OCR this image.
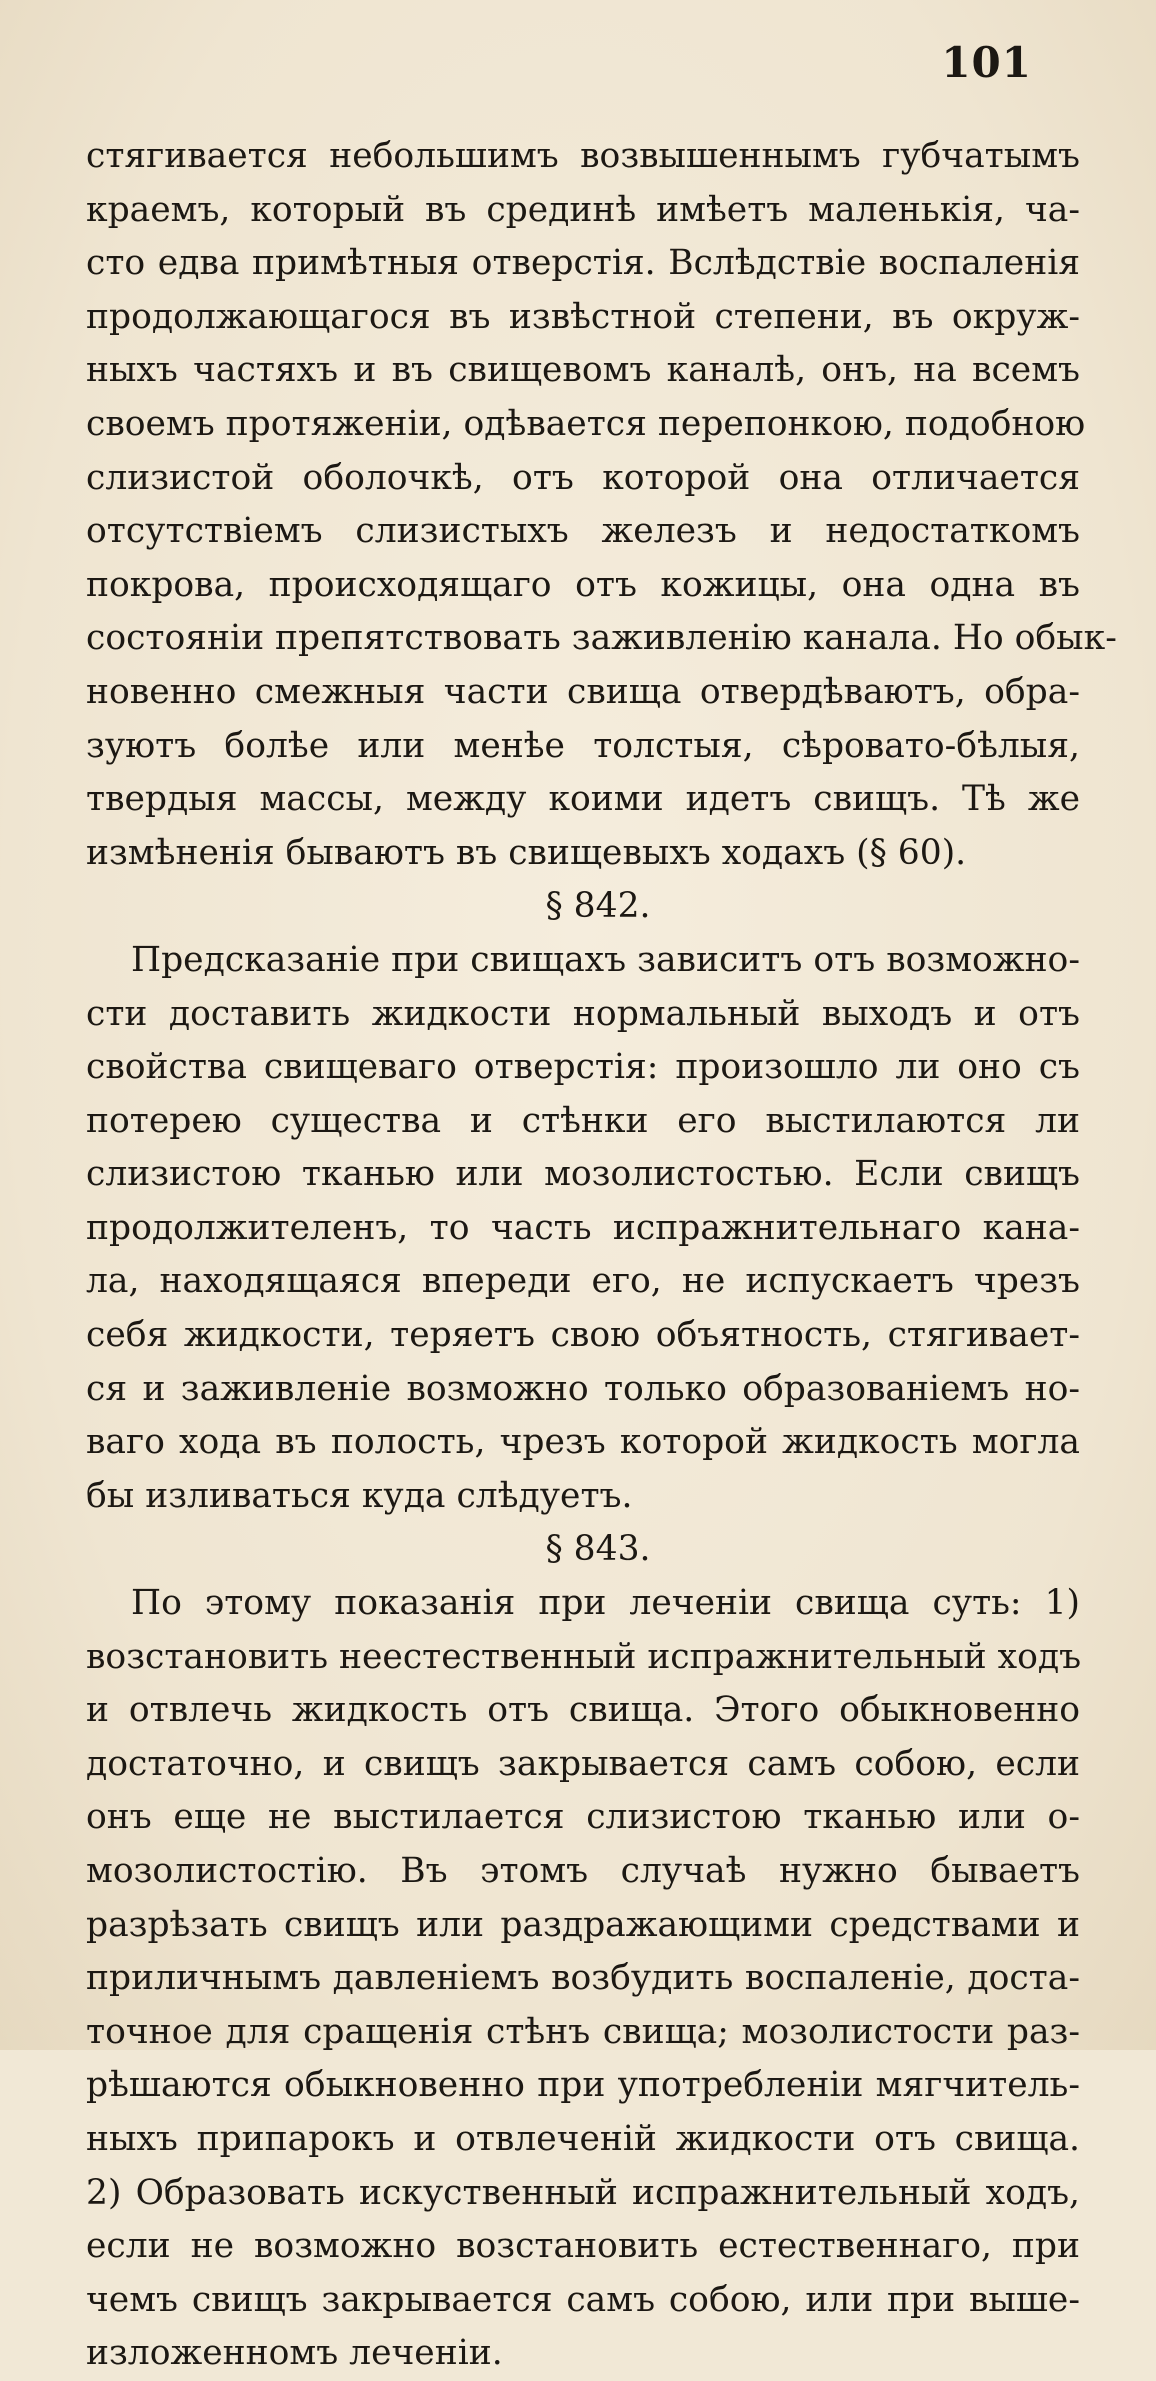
101
стягивается небольшимъ возвышеннымъ губчатымъ
краемъ, который въ срединѣ имѣетъ маленькія, ча-
сто едва примѣтныя отверстія. Вслѣдствіе воспаленія
продолжающагося въ извѣстной степени, въ окруж-
ныхъ частяхъ и въ свищевомъ каналѣ, онъ, на всемъ
своемъ протяженіи, одѣвается перепонкою, подобною
слизистой оболочкѣ, отъ которой она отличается
отсутствіемъ слизистыхъ железъ и недостаткомъ
покрова, происходящаго отъ кожицы, она одна въ
состояніи препятствовать заживленію канала. Но обык-
новенно смежныя части свища отвердѣваютъ, обра-
зуютъ болѣе или менѣе толстыя, сѣровато-бѣлыя,
твердыя массы, между коими идетъ свищъ. Тѣ же
измѣненія бываютъ въ свищевыхъ ходахъ (§ 60).
§ 842.
Предсказаніе при свищахъ зависитъ отъ возможно-
сти доставить жидкости нормальный выходъ и отъ
свойства свищеваго отверстія: произошло ли оно съ
потерею существа и стѣнки его выстилаются ли
слизистою тканью или мозолистостью. Если свищъ
продолжителенъ, то часть испражнительнаго кана-
ла, находящаяся впереди его, не испускаетъ чрезъ
себя жидкости, теряетъ свою объятность, стягивает-
ся и заживленіе возможно только образованіемъ но-
ваго хода въ полость, чрезъ которой жидкость могла
бы изливаться куда слѣдуетъ.
§ 843.
По этому показанія при леченіи свища суть: 1)
возстановить неестественный испражнительный ходъ
и отвлечь жидкость отъ свища. Этого обыкновенно
достаточно, и свищъ закрывается самъ собою, если
онъ еще не выстилается слизистою тканью или о-
мозолистостію. Въ этомъ случаѣ нужно бываетъ
разрѣзать свищъ или раздражающими средствами и
приличнымъ давленіемъ возбудить воспаленіе, доста-
точное для сращенія стѣнъ свища; мозолистости раз-
рѣшаются обыкновенно при употребленіи мягчитель-
ныхъ припарокъ и отвлеченій жидкости отъ свища.
2) Образовать искуственный испражнительный ходъ,
если не возможно возстановить естественнаго, при
чемъ свищъ закрывается самъ собою, или при выше-
изложенномъ леченіи.
